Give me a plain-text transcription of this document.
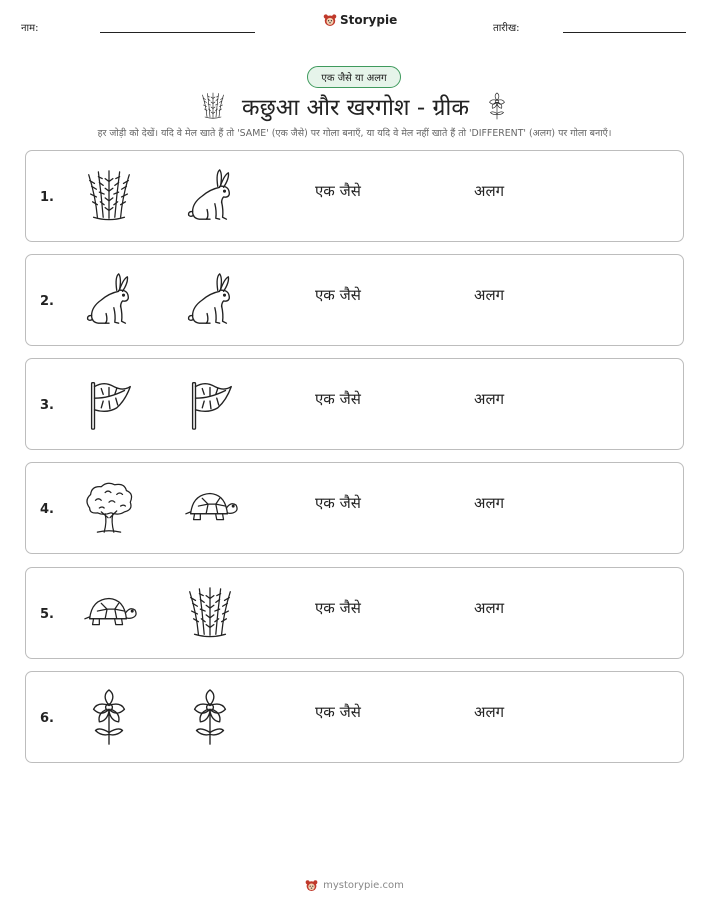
नाम:
Storypie
तारीख:
एक जैसे या अलग
कछुआ और खरगोश - ग्रीक
हर जोड़ी को देखें। यदि वे मेल खाते हैं तो 'SAME' (एक जैसे) पर गोला बनाएँ, या यदि वे मेल नहीं खाते हैं तो 'DIFFERENT' (अलग) पर गोला बनाएँ।
1.	एक जैसे	अलग
2.	एक जैसे	अलग
3.	एक जैसे	अलग
4.	एक जैसे	अलग
5.	एक जैसे	अलग
6.	एक जैसे	अलग
mystorypie.com
